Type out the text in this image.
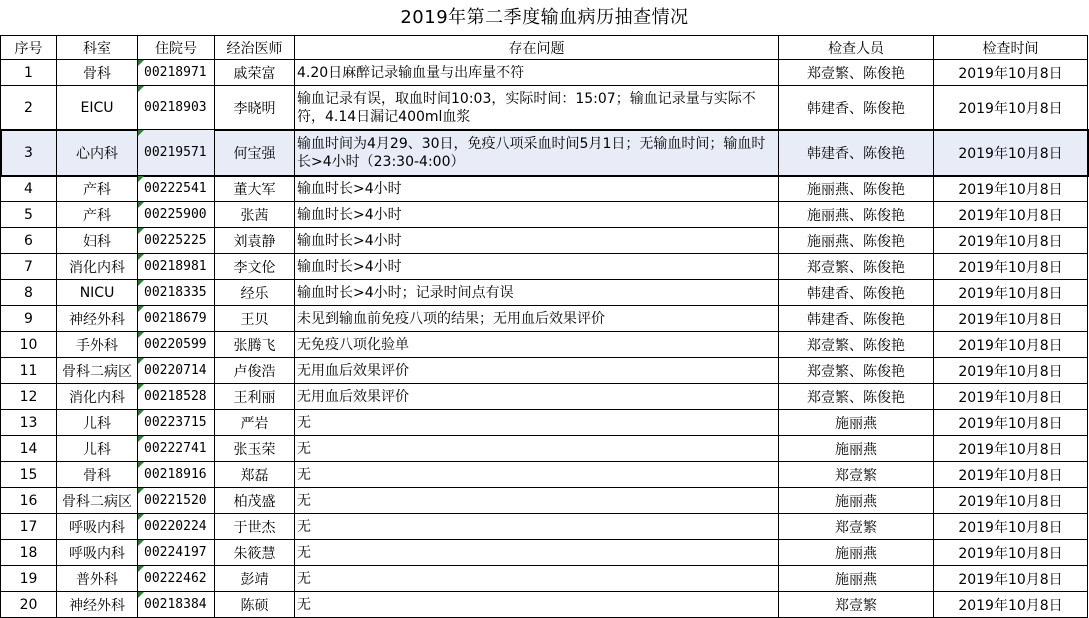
2019年第二季度输血病历抽查情况
序号	科室	住院号	经治医师	存在问题	检查人员	检查时间
1	骨科	00218971	戚荣富	4.20日麻醉记录输血量与出库量不符	郑壹繁、陈俊艳	2019年10月8日
2	EICU	00218903	李晓明	输血记录有误，取血时间10:03，实际时间：15:07；输血记录量与实际不符，4.14日漏记400ml血浆	韩建香、陈俊艳	2019年10月8日
3	心内科	00219571	何宝强	输血时间为4月29、30日，免疫八项采血时间5月1日；无输血时间；输血时长>4小时（23:30-4:00）	韩建香、陈俊艳	2019年10月8日
4	产科	00222541	董大军	输血时长>4小时	施丽燕、陈俊艳	2019年10月8日
5	产科	00225900	张茜	输血时长>4小时	施丽燕、陈俊艳	2019年10月8日
6	妇科	00225225	刘袁静	输血时长>4小时	施丽燕、陈俊艳	2019年10月8日
7	消化内科	00218981	李文伦	输血时长>4小时	郑壹繁、陈俊艳	2019年10月8日
8	NICU	00218335	经乐	输血时长>4小时；记录时间点有误	韩建香、陈俊艳	2019年10月8日
9	神经外科	00218679	王贝	未见到输血前免疫八项的结果；无用血后效果评价	韩建香、陈俊艳	2019年10月8日
10	手外科	00220599	张腾飞	无免疫八项化验单	郑壹繁、陈俊艳	2019年10月8日
11	骨科二病区	00220714	卢俊浩	无用血后效果评价	郑壹繁、陈俊艳	2019年10月8日
12	消化内科	00218528	王利丽	无用血后效果评价	郑壹繁、陈俊艳	2019年10月8日
13	儿科	00223715	严岩	无	施丽燕	2019年10月8日
14	儿科	00222741	张玉荣	无	施丽燕	2019年10月8日
15	骨科	00218916	郑磊	无	郑壹繁	2019年10月8日
16	骨科二病区	00221520	柏茂盛	无	施丽燕	2019年10月8日
17	呼吸内科	00220224	于世杰	无	郑壹繁	2019年10月8日
18	呼吸内科	00224197	朱筱慧	无	施丽燕	2019年10月8日
19	普外科	00222462	彭靖	无	施丽燕	2019年10月8日
20	神经外科	00218384	陈硕	无	郑壹繁	2019年10月8日
